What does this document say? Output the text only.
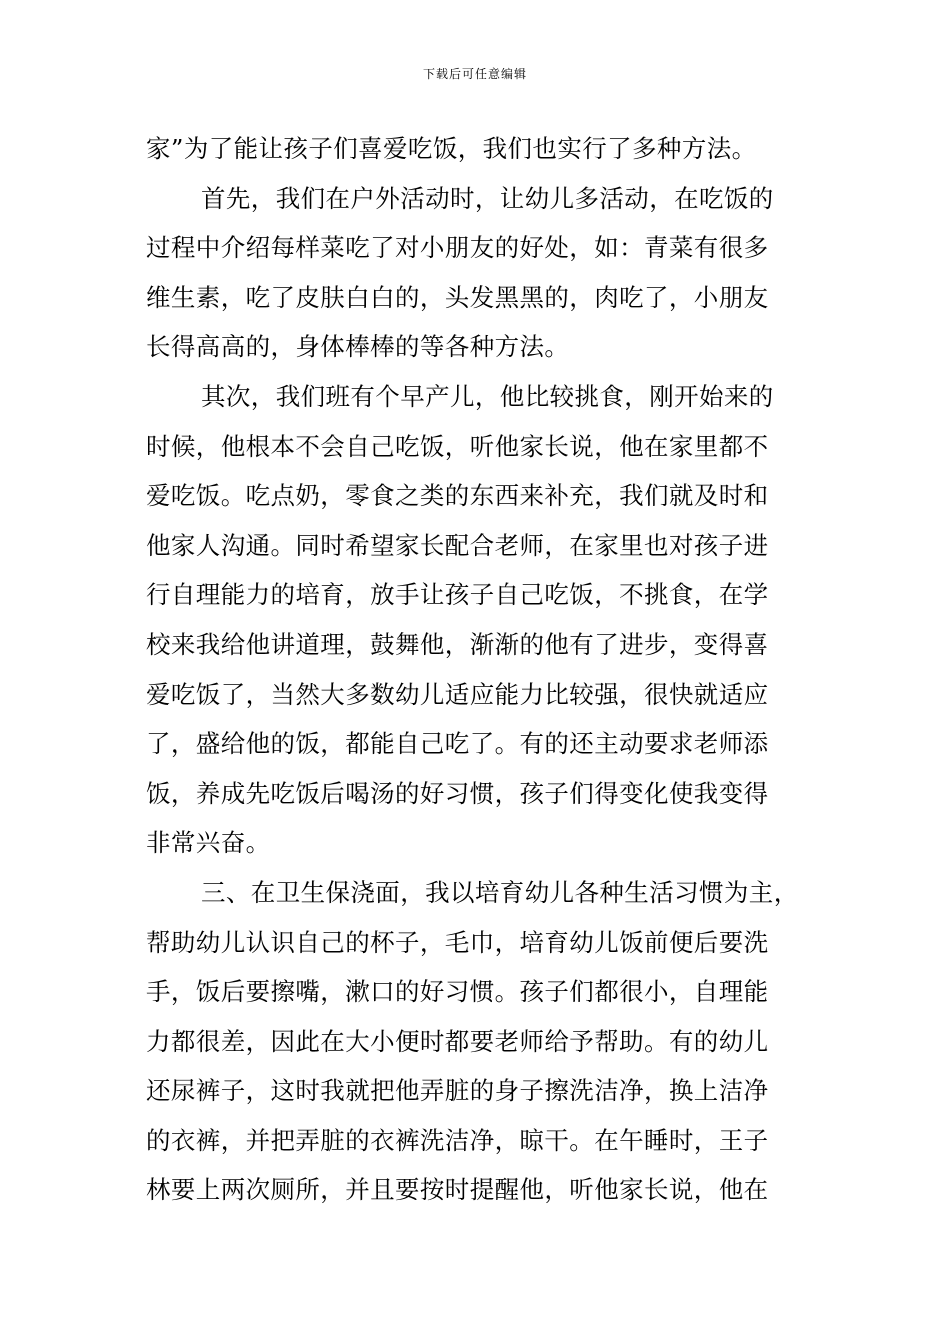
下载后可任意编辑
家”为了能让孩子们喜爱吃饭，我们也实行了多种方法。
首先，我们在户外活动时，让幼儿多活动，在吃饭的
过程中介绍每样菜吃了对小朋友的好处，如：青菜有很多
维生素，吃了皮肤白白的，头发黑黑的，肉吃了，小朋友
长得高高的，身体棒棒的等各种方法。
其次，我们班有个早产儿，他比较挑食，刚开始来的
时候，他根本不会自己吃饭，听他家长说，他在家里都不
爱吃饭。吃点奶，零食之类的东西来补充，我们就及时和
他家人沟通。同时希望家长配合老师，在家里也对孩子进
行自理能力的培育，放手让孩子自己吃饭，不挑食，在学
校来我给他讲道理，鼓舞他，渐渐的他有了进步，变得喜
爱吃饭了，当然大多数幼儿适应能力比较强，很快就适应
了，盛给他的饭，都能自己吃了。有的还主动要求老师添
饭，养成先吃饭后喝汤的好习惯，孩子们得变化使我变得
非常兴奋。
三、在卫生保浇面，我以培育幼儿各种生活习惯为主，
帮助幼儿认识自己的杯子，毛巾，培育幼儿饭前便后要洗
手，饭后要擦嘴，漱口的好习惯。孩子们都很小，自理能
力都很差，因此在大小便时都要老师给予帮助。有的幼儿
还尿裤子，这时我就把他弄脏的身子擦洗洁净，换上洁净
的衣裤，并把弄脏的衣裤洗洁净，晾干。在午睡时，王子
林要上两次厕所，并且要按时提醒他，听他家长说，他在
